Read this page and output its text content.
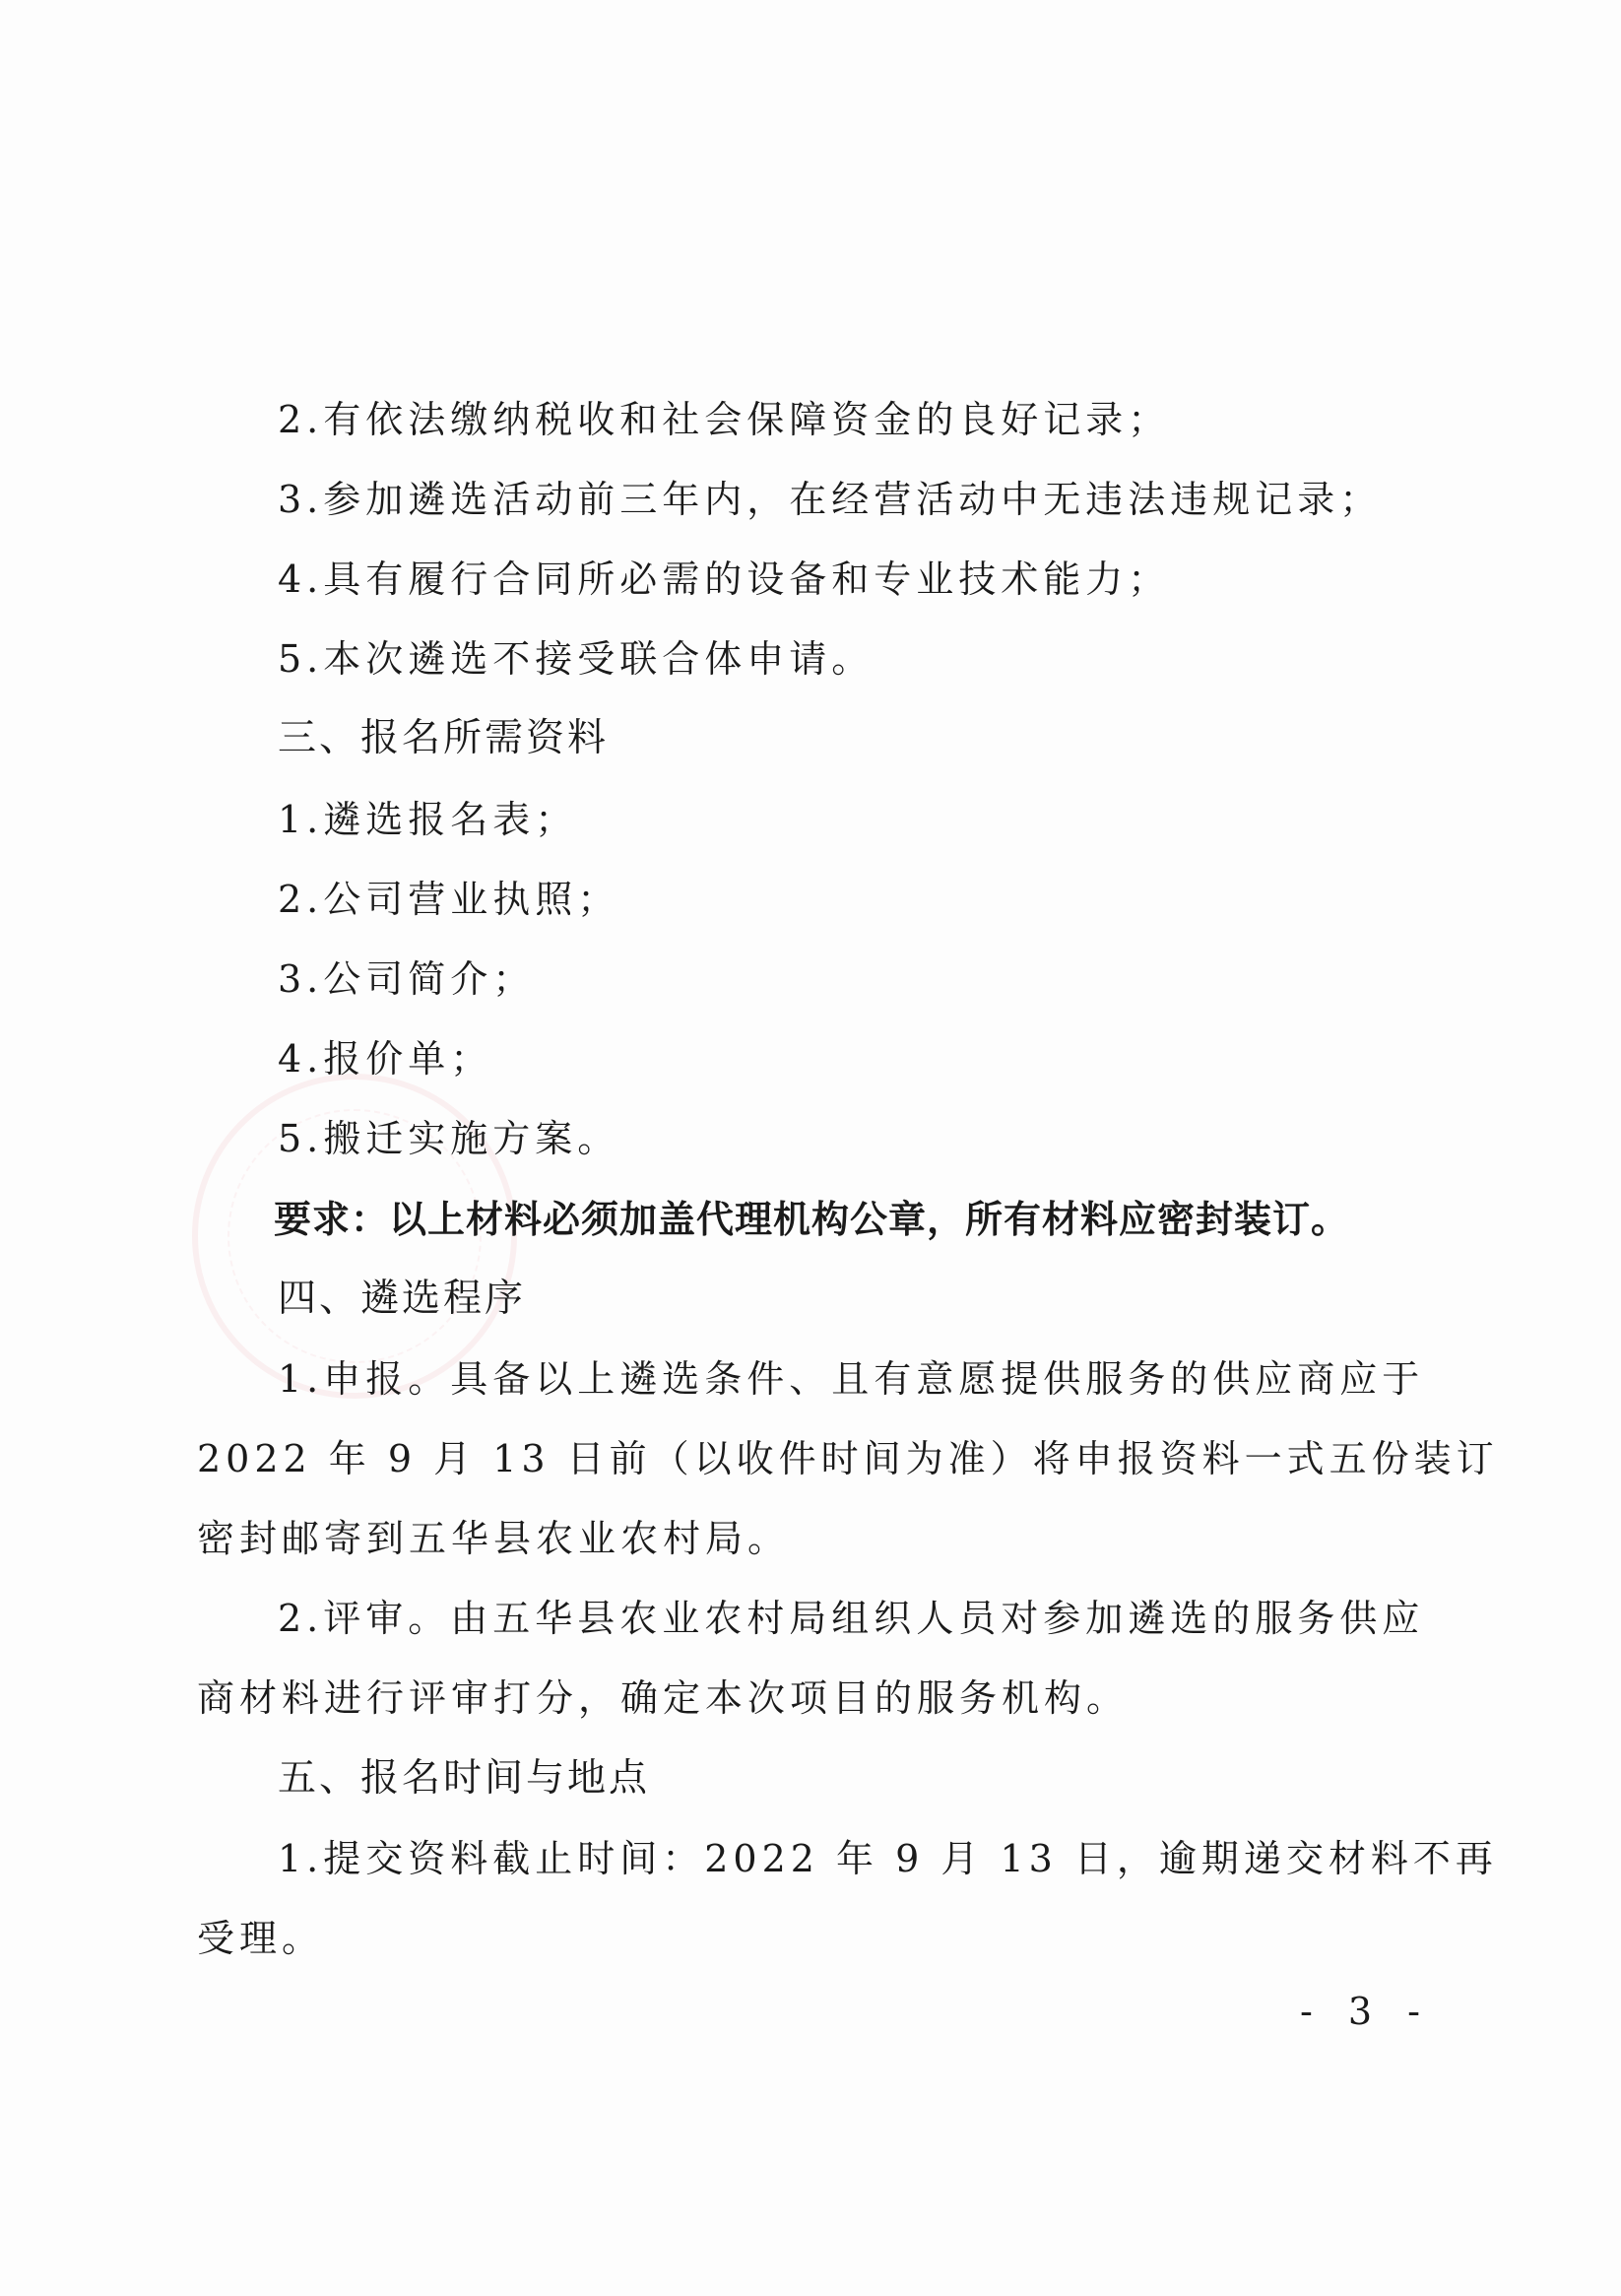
2.有依法缴纳税收和社会保障资金的良好记录；
3.参加遴选活动前三年内，在经营活动中无违法违规记录；
4.具有履行合同所必需的设备和专业技术能力；
5.本次遴选不接受联合体申请。
三、报名所需资料
1.遴选报名表；
2.公司营业执照；
3.公司简介；
4.报价单；
5.搬迁实施方案。
要求：以上材料必须加盖代理机构公章，所有材料应密封装订。
四、遴选程序
1.申报。具备以上遴选条件、且有意愿提供服务的供应商应于
2022 年 9 月 13 日前（以收件时间为准）将申报资料一式五份装订
密封邮寄到五华县农业农村局。
2.评审。由五华县农业农村局组织人员对参加遴选的服务供应
商材料进行评审打分，确定本次项目的服务机构。
五、报名时间与地点
1.提交资料截止时间：2022 年 9 月 13 日，逾期递交材料不再
受理。
- 3 -
